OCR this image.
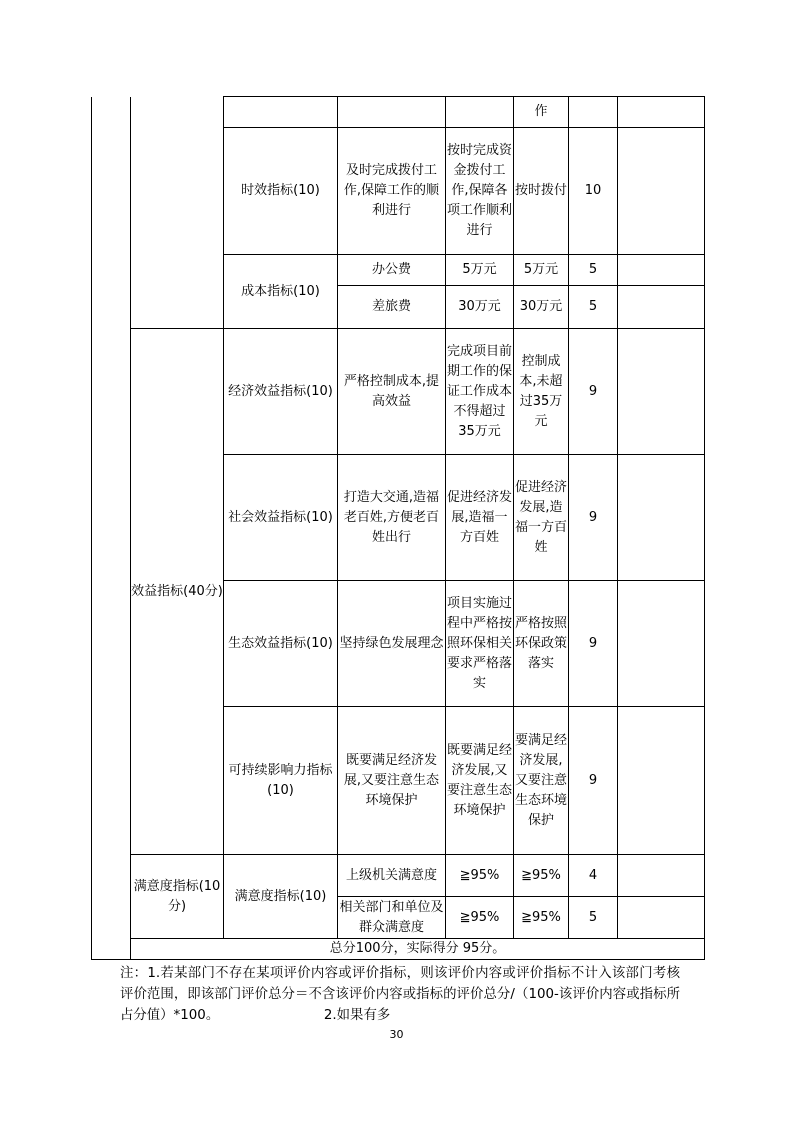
					作		
		时效指标(10)	及时完成拨付工作,保障工作的顺利进行	按时完成资金拨付工作,保障各项工作顺利进行	按时拨付	10	
		成本指标(10)	办公费	5万元	5万元	5	
			差旅费	30万元	30万元	5	
	效益指标(40分)	经济效益指标(10)	严格控制成本,提高效益	完成项目前期工作的保证工作成本不得超过35万元	控制成本,未超过35万元	9	
		社会效益指标(10)	打造大交通,造福老百姓,方便老百姓出行	促进经济发展,造福一方百姓	促进经济发展,造福一方百姓	9	
		生态效益指标(10)	坚持绿色发展理念	项目实施过程中严格按照环保相关要求严格落实	严格按照环保政策落实	9	
		可持续影响力指标(10)	既要满足经济发展,又要注意生态环境保护	既要满足经济发展,又要注意生态环境保护	要满足经济发展,又要注意生态环境保护	9	
	满意度指标(10分)	满意度指标(10)	上级机关满意度	≧95%	≧95%	4	
			相关部门和单位及群众满意度	≧95%	≧95%	5	
	总分100分，实际得分 95分。						
注：1.若某部门不存在某项评价内容或评价指标，则该评价内容或评价指标不计入该部门考核评价范围，即该部门评价总分＝不含该评价内容或指标的评价总分/（100-该评价内容或指标所占分值）*100。　　　　　　　　 2.如果有多
30
